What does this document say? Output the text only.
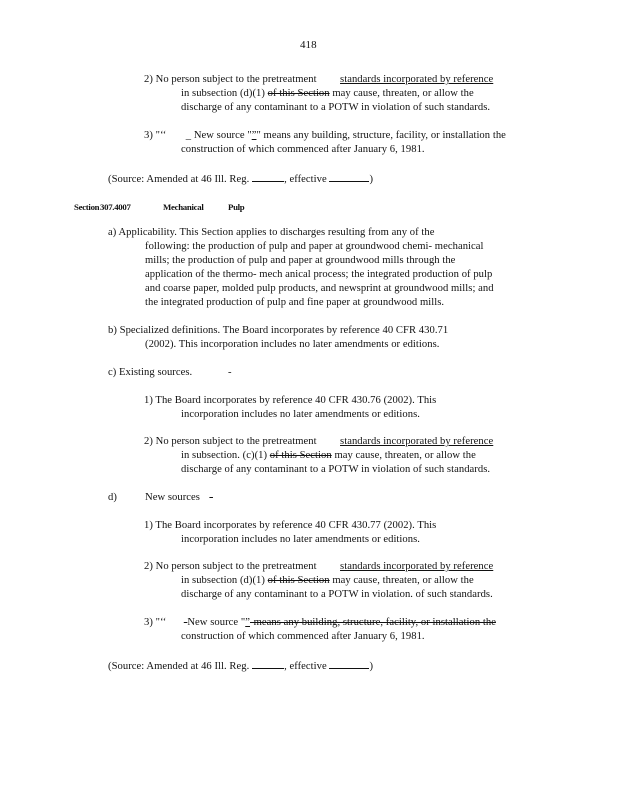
418
2) No person subject to the pretreatment standards incorporated by reference
in subsection (d)(1) of this Section may cause, threaten, or allow the
discharge of any contaminant to a POTW in violation of such standards.
3) "‘‘ _ New source "”" means any building, structure, facility, or installation the
construction of which commenced after January 6, 1981.
(Source: Amended at 46 Ill. Reg.	, effective	)
Section 307.4007	Mechanical	Pulp
a) Applicability. This Section applies to discharges resulting from any of the
following: the production of pulp and paper at groundwood chemi- mechanical
mills; the production of pulp and paper at groundwood mills through the
application of the thermo- mech anical process; the integrated production of pulp
and coarse paper, molded pulp products, and newsprint at groundwood mills; and
the integrated production of pulp and fine paper at groundwood mills.
b) Specialized definitions. The Board incorporates by reference 40 CFR 430.71
(2002). This incorporation includes no later amendments or editions.
c) Existing sources.	-
1) The Board incorporates by reference 40 CFR 430.76 (2002). This
incorporation includes no later amendments or editions.
2) No person subject to the pretreatment standards incorporated by reference
in subsection. (c)(1) of this Section may cause, threaten, or allow the
discharge of any contaminant to a POTW in violation of such standards.
d)	New sources -
1) The Board incorporates by reference 40 CFR 430.77 (2002). This
incorporation includes no later amendments or editions.
2) No person subject to the pretreatment standards incorporated by reference
in subsection (d)(1) of this Section may cause, threaten, or allow the
discharge of any contaminant to a POTW in violation. of such standards.
3) "‘‘ -New source "”-means any building, structure, facility, or installation the
construction of which commenced after January 6, 1981.
(Source: Amended at 46 Ill. Reg.	, effective	)
